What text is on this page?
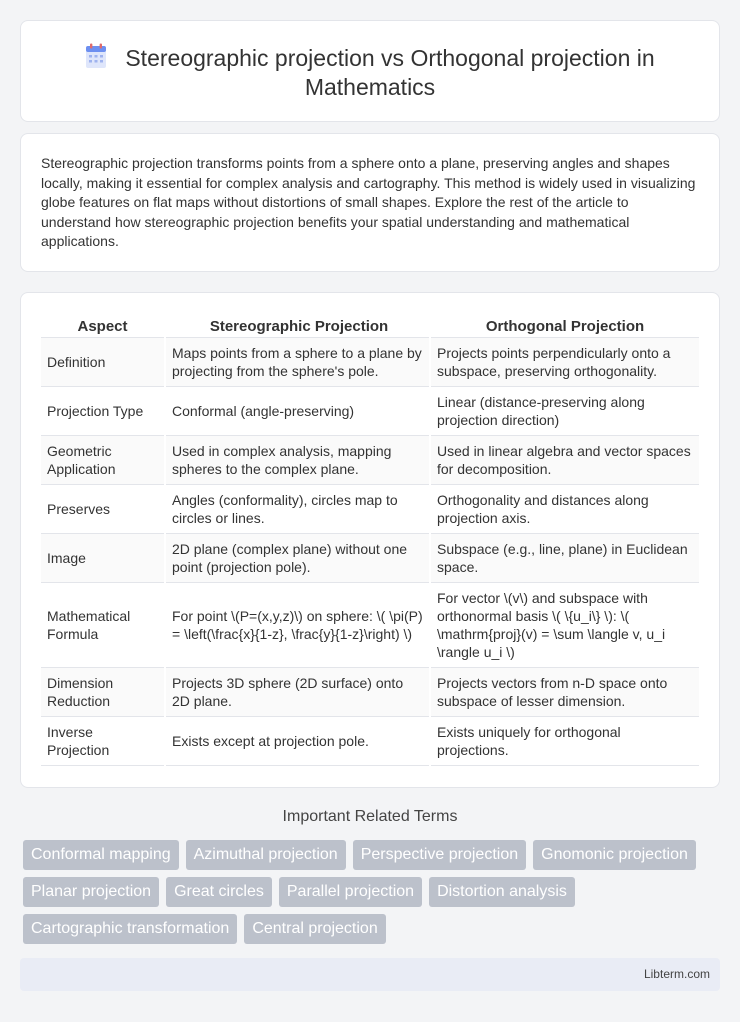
Stereographic projection vs Orthogonal projection in Mathematics

Stereographic projection transforms points from a sphere onto a plane, preserving angles and shapes locally, making it essential for complex analysis and cartography. This method is widely used in visualizing globe features on flat maps without distortions of small shapes. Explore the rest of the article to understand how stereographic projection benefits your spatial understanding and mathematical applications.

Aspect	Stereographic Projection	Orthogonal Projection
Definition	Maps points from a sphere to a plane by projecting from the sphere's pole.	Projects points perpendicularly onto a subspace, preserving orthogonality.
Projection Type	Conformal (angle-preserving)	Linear (distance-preserving along projection direction)
Geometric Application	Used in complex analysis, mapping spheres to the complex plane.	Used in linear algebra and vector spaces for decomposition.
Preserves	Angles (conformality), circles map to circles or lines.	Orthogonality and distances along projection axis.
Image	2D plane (complex plane) without one point (projection pole).	Subspace (e.g., line, plane) in Euclidean space.
Mathematical Formula	For point \(P=(x,y,z)\) on sphere: \( \pi(P) = \left(\frac{x}{1-z}, \frac{y}{1-z}\right) \)	For vector \(v\) and subspace with orthonormal basis \( \{u_i\} \): \( \mathrm{proj}(v) = \sum \langle v, u_i \rangle u_i \)
Dimension Reduction	Projects 3D sphere (2D surface) onto 2D plane.	Projects vectors from n-D space onto subspace of lesser dimension.
Inverse Projection	Exists except at projection pole.	Exists uniquely for orthogonal projections.
Important Related Terms
Conformal mapping	Azimuthal projection	Perspective projection	Gnomonic projection
Planar projection	Great circles	Parallel projection	Distortion analysis
Cartographic transformation	Central projection
Libterm.com
